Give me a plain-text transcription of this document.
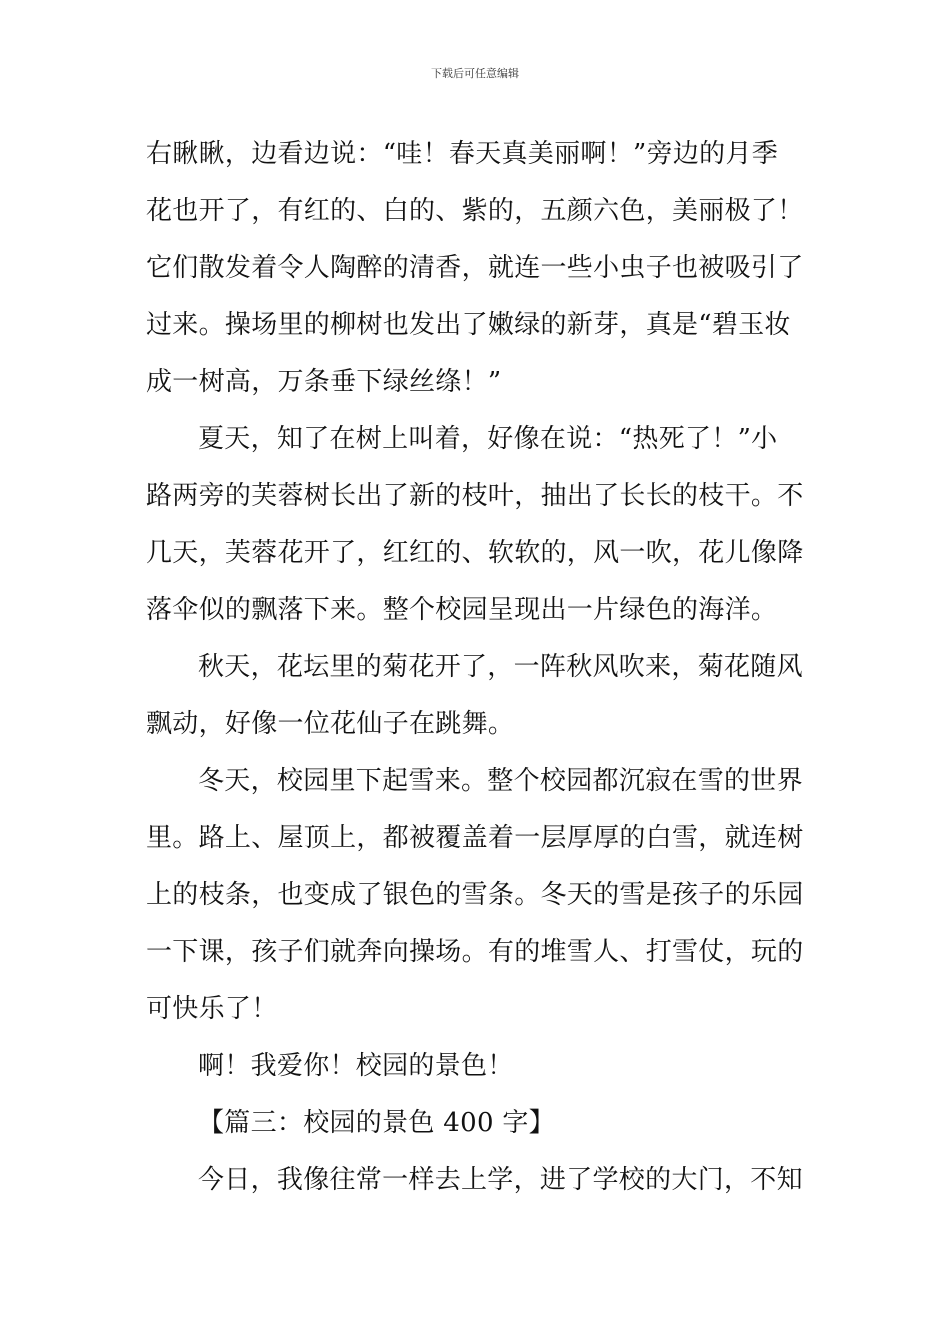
下载后可任意编辑
右瞅瞅，边看边说：“哇！春天真美丽啊！”旁边的月季
花也开了，有红的、白的、紫的，五颜六色，美丽极了！
它们散发着令人陶醉的清香，就连一些小虫子也被吸引了
过来。操场里的柳树也发出了嫩绿的新芽，真是“碧玉妆
成一树高，万条垂下绿丝绦！”
夏天，知了在树上叫着，好像在说：“热死了！”小
路两旁的芙蓉树长出了新的枝叶，抽出了长长的枝干。不
几天，芙蓉花开了，红红的、软软的，风一吹，花儿像降
落伞似的飘落下来。整个校园呈现出一片绿色的海洋。
秋天，花坛里的菊花开了，一阵秋风吹来，菊花随风
飘动，好像一位花仙子在跳舞。
冬天，校园里下起雪来。整个校园都沉寂在雪的世界
里。路上、屋顶上，都被覆盖着一层厚厚的白雪，就连树
上的枝条，也变成了银色的雪条。冬天的雪是孩子的乐园
一下课，孩子们就奔向操场。有的堆雪人、打雪仗，玩的
可快乐了！
啊！我爱你！校园的景色！
【篇三：校园的景色 400 字】
今日，我像往常一样去上学，进了学校的大门，不知
